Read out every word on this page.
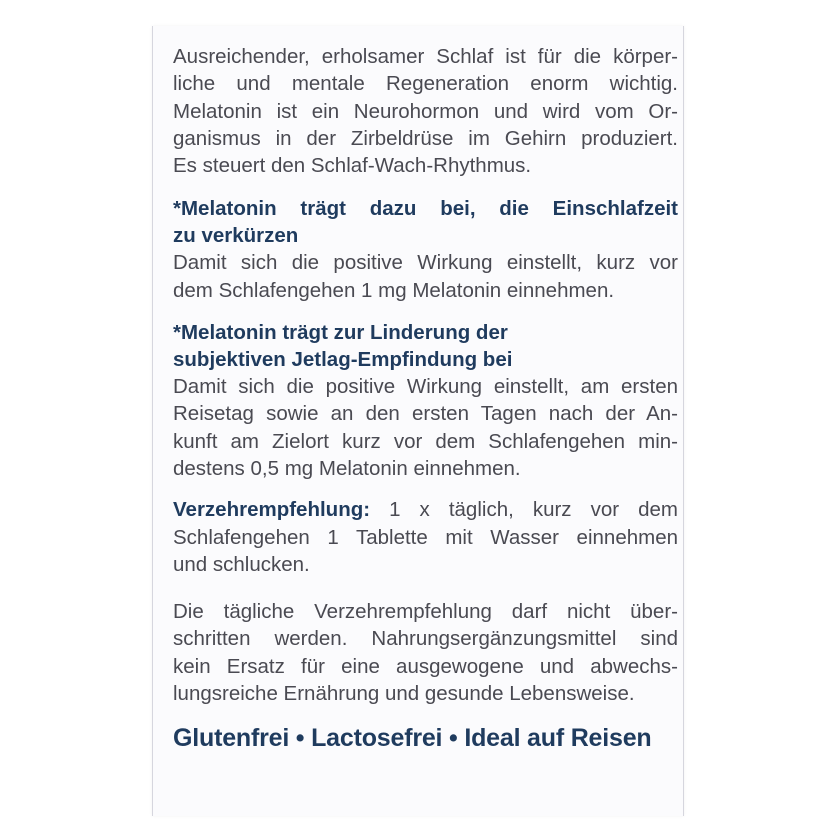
Ausreichender, erholsamer Schlaf ist für die körper-
liche und mentale Regeneration enorm wichtig.
Melatonin ist ein Neurohormon und wird vom Or-
ganismus in der Zirbeldrüse im Gehirn produziert.
Es steuert den Schlaf-Wach-Rhythmus.

*Melatonin trägt dazu bei, die Einschlafzeit
zu verkürzen

Damit sich die positive Wirkung einstellt, kurz vor
dem Schlafengehen 1 mg Melatonin einnehmen.

*Melatonin trägt zur Linderung der
subjektiven Jetlag-Empfindung bei

Damit sich die positive Wirkung einstellt, am ersten
Reisetag sowie an den ersten Tagen nach der An-
kunft am Zielort kurz vor dem Schlafengehen min-
destens 0,5 mg Melatonin einnehmen.

Verzehrempfehlung: 1 x täglich, kurz vor dem
Schlafengehen 1 Tablette mit Wasser einnehmen
und schlucken.

Die tägliche Verzehrempfehlung darf nicht über-
schritten werden. Nahrungsergänzungsmittel sind
kein Ersatz für eine ausgewogene und abwechs-
lungsreiche Ernährung und gesunde Lebensweise.

Glutenfrei • Lactosefrei • Ideal auf Reisen
